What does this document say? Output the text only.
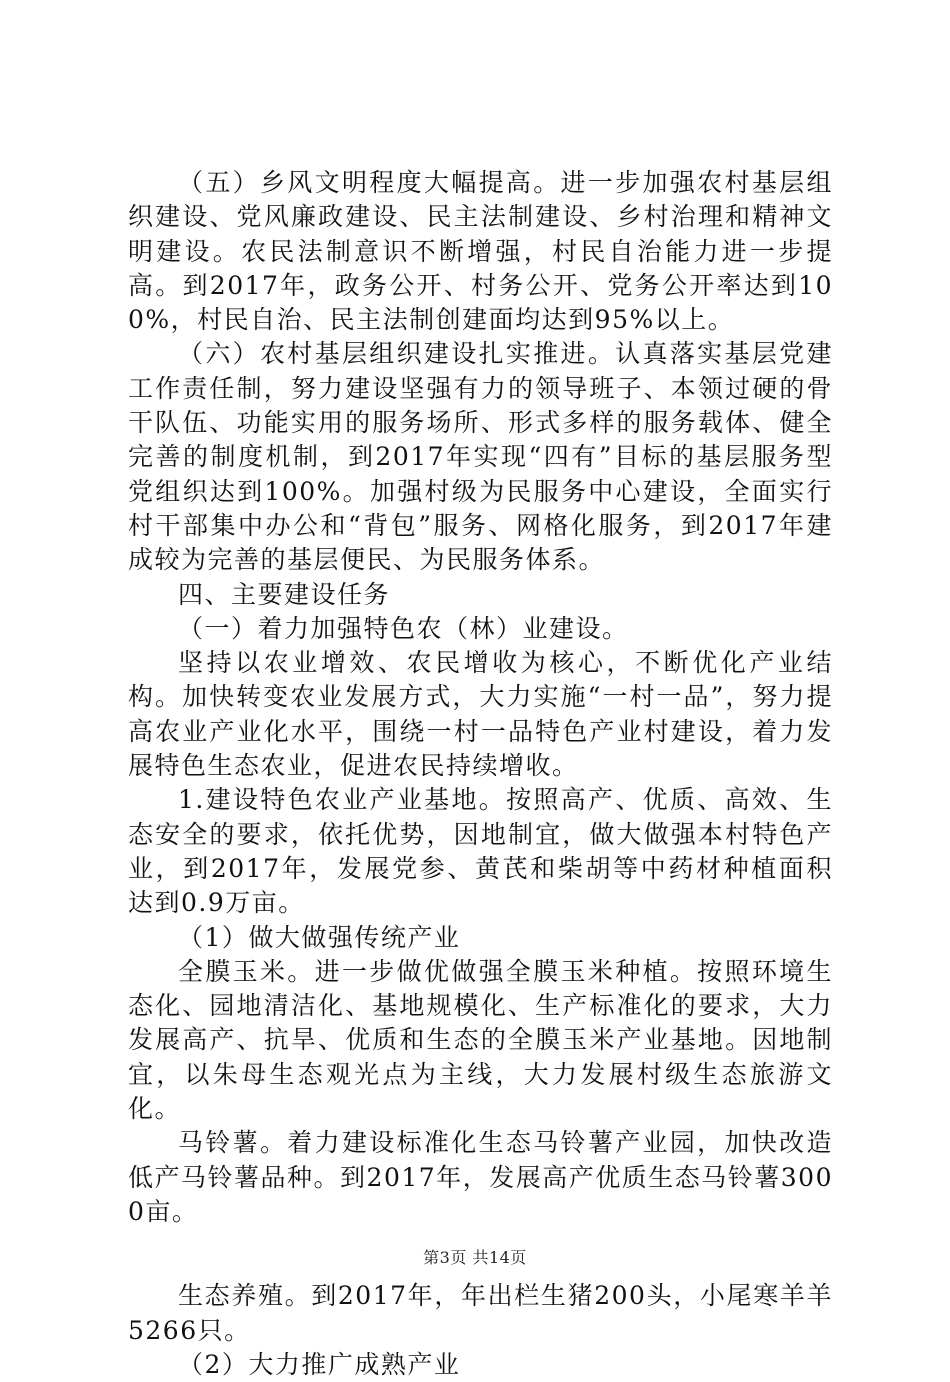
（五）乡风文明程度大幅提高。进一步加强农村基层组织建设、党风廉政建设、民主法制建设、乡村治理和精神文明建设。农民法制意识不断增强，村民自治能力进一步提高。到2017年，政务公开、村务公开、党务公开率达到100%，村民自治、民主法制创建面均达到95%以上。

（六）农村基层组织建设扎实推进。认真落实基层党建工作责任制，努力建设坚强有力的领导班子、本领过硬的骨干队伍、功能实用的服务场所、形式多样的服务载体、健全完善的制度机制，到2017年实现“四有”目标的基层服务型党组织达到100%。加强村级为民服务中心建设，全面实行村干部集中办公和“背包”服务、网格化服务，到2017年建成较为完善的基层便民、为民服务体系。

四、主要建设任务

（一）着力加强特色农（林）业建设。

坚持以农业增效、农民增收为核心，不断优化产业结构。加快转变农业发展方式，大力实施“一村一品”，努力提高农业产业化水平，围绕一村一品特色产业村建设，着力发展特色生态农业，促进农民持续增收。

1.建设特色农业产业基地。按照高产、优质、高效、生态安全的要求，依托优势，因地制宜，做大做强本村特色产业，到2017年，发展党参、黄芪和柴胡等中药材种植面积达到0.9万亩。

（1）做大做强传统产业

全膜玉米。进一步做优做强全膜玉米种植。按照环境生态化、园地清洁化、基地规模化、生产标准化的要求，大力发展高产、抗旱、优质和生态的全膜玉米产业基地。因地制宜，以朱母生态观光点为主线，大力发展村级生态旅游文化。

马铃薯。着力建设标准化生态马铃薯产业园，加快改造低产马铃薯品种。到2017年，发展高产优质生态马铃薯3000亩。

生态养殖。到2017年，年出栏生猪200头，小尾寒羊羊5266只。

（2）大力推广成熟产业

第3页 共14页
